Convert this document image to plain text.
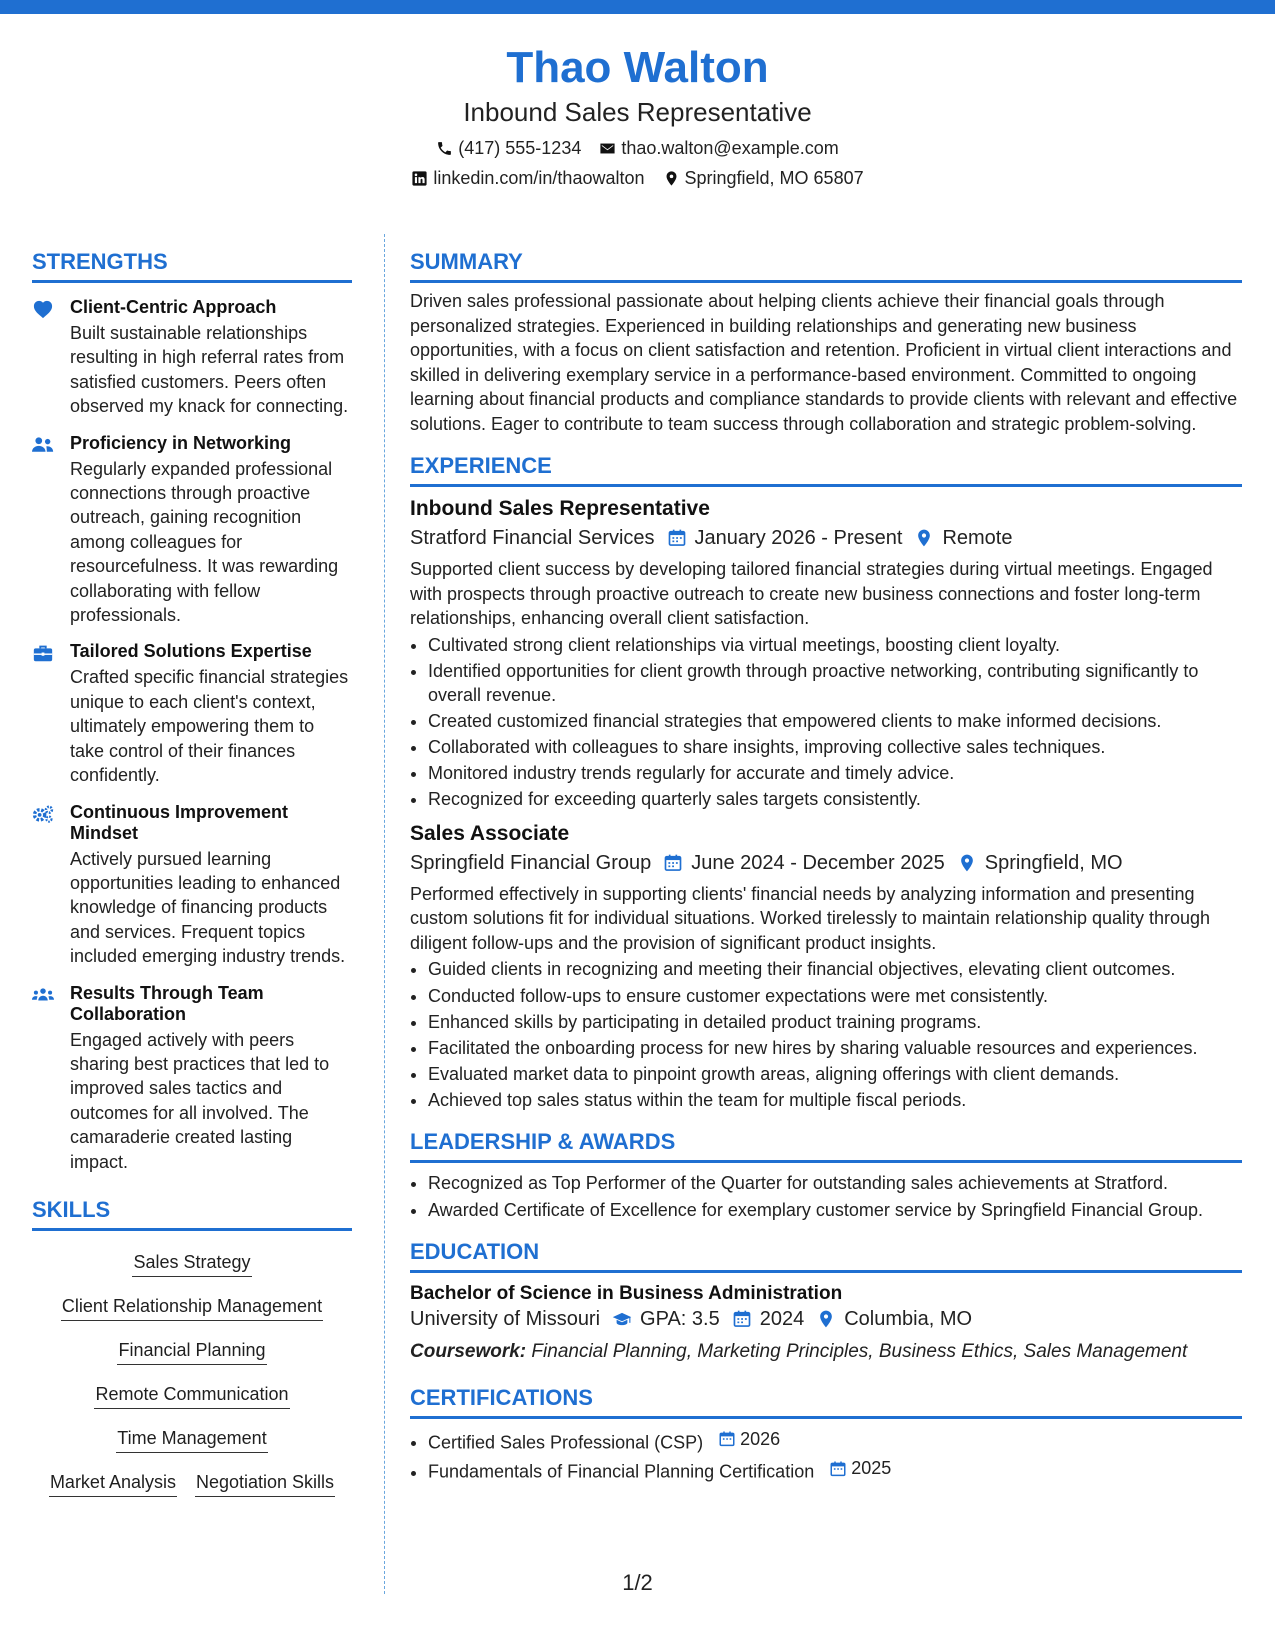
Thao Walton
Inbound Sales Representative
(417) 555-1234 thao.walton@example.com
linkedin.com/in/thaowalton Springfield, MO 65807
STRENGTHS
Client-Centric Approach
Built sustainable relationships resulting in high referral rates from satisfied customers. Peers often observed my knack for connecting.
Proficiency in Networking
Regularly expanded professional connections through proactive outreach, gaining recognition among colleagues for resourcefulness. It was rewarding collaborating with fellow professionals.
Tailored Solutions Expertise
Crafted specific financial strategies unique to each client's context, ultimately empowering them to take control of their finances confidently.
Continuous Improvement Mindset
Actively pursued learning opportunities leading to enhanced knowledge of financing products and services. Frequent topics included emerging industry trends.
Results Through Team Collaboration
Engaged actively with peers sharing best practices that led to improved sales tactics and outcomes for all involved. The camaraderie created lasting impact.
SKILLS
Sales Strategy
Client Relationship Management
Financial Planning
Remote Communication
Time Management
Market Analysis Negotiation Skills
SUMMARY
Driven sales professional passionate about helping clients achieve their financial goals through personalized strategies. Experienced in building relationships and generating new business opportunities, with a focus on client satisfaction and retention. Proficient in virtual client interactions and skilled in delivering exemplary service in a performance-based environment. Committed to ongoing learning about financial products and compliance standards to provide clients with relevant and effective solutions. Eager to contribute to team success through collaboration and strategic problem-solving.
EXPERIENCE
Inbound Sales Representative
Stratford Financial Services January 2026 - Present Remote
Supported client success by developing tailored financial strategies during virtual meetings. Engaged with prospects through proactive outreach to create new business connections and foster long-term relationships, enhancing overall client satisfaction.
• Cultivated strong client relationships via virtual meetings, boosting client loyalty.
• Identified opportunities for client growth through proactive networking, contributing significantly to overall revenue.
• Created customized financial strategies that empowered clients to make informed decisions.
• Collaborated with colleagues to share insights, improving collective sales techniques.
• Monitored industry trends regularly for accurate and timely advice.
• Recognized for exceeding quarterly sales targets consistently.
Sales Associate
Springfield Financial Group June 2024 - December 2025 Springfield, MO
Performed effectively in supporting clients' financial needs by analyzing information and presenting custom solutions fit for individual situations. Worked tirelessly to maintain relationship quality through diligent follow-ups and the provision of significant product insights.
• Guided clients in recognizing and meeting their financial objectives, elevating client outcomes.
• Conducted follow-ups to ensure customer expectations were met consistently.
• Enhanced skills by participating in detailed product training programs.
• Facilitated the onboarding process for new hires by sharing valuable resources and experiences.
• Evaluated market data to pinpoint growth areas, aligning offerings with client demands.
• Achieved top sales status within the team for multiple fiscal periods.
LEADERSHIP & AWARDS
• Recognized as Top Performer of the Quarter for outstanding sales achievements at Stratford.
• Awarded Certificate of Excellence for exemplary customer service by Springfield Financial Group.
EDUCATION
Bachelor of Science in Business Administration
University of Missouri GPA: 3.5 2024 Columbia, MO
Coursework: Financial Planning, Marketing Principles, Business Ethics, Sales Management
CERTIFICATIONS
• Certified Sales Professional (CSP) 2026
• Fundamentals of Financial Planning Certification 2025
1/2
